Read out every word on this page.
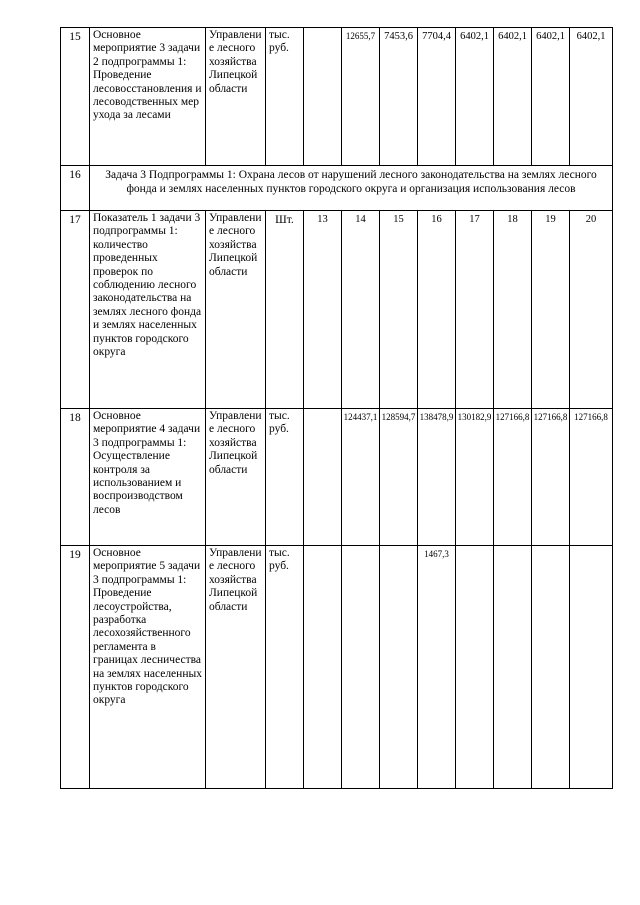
15	Основное мероприятие 3 задачи 2 подпрограммы 1: Проведение лесовосстановления и лесоводственных мер ухода за лесами	Управление лесного хозяйства Липецкой области	тыс. руб.		12655,7	7453,6	7704,4	6402,1	6402,1	6402,1	6402,1
16	Задача 3 Подпрограммы 1: Охрана лесов от нарушений лесного законодательства на землях лесного фонда и землях населенных пунктов городского округа и организация использования лесов										
17	Показатель 1 задачи 3 подпрограммы 1: количество проведенных проверок по соблюдению лесного законодательства на землях лесного фонда и землях населенных пунктов городского округа	Управление лесного хозяйства Липецкой области	Шт.	13	14	15	16	17	18	19	20
18	Основное мероприятие 4 задачи 3 подпрограммы 1: Осуществление контроля за использованием и воспроизводством лесов	Управление лесного хозяйства Липецкой области	тыс. руб.		124437,1	128594,7	138478,9	130182,9	127166,8	127166,8	127166,8
19	Основное мероприятие 5 задачи 3 подпрограммы 1: Проведение лесоустройства, разработка лесохозяйственного регламента в границах лесничества на землях населенных пунктов городского округа	Управление лесного хозяйства Липецкой области	тыс. руб.				1467,3				
